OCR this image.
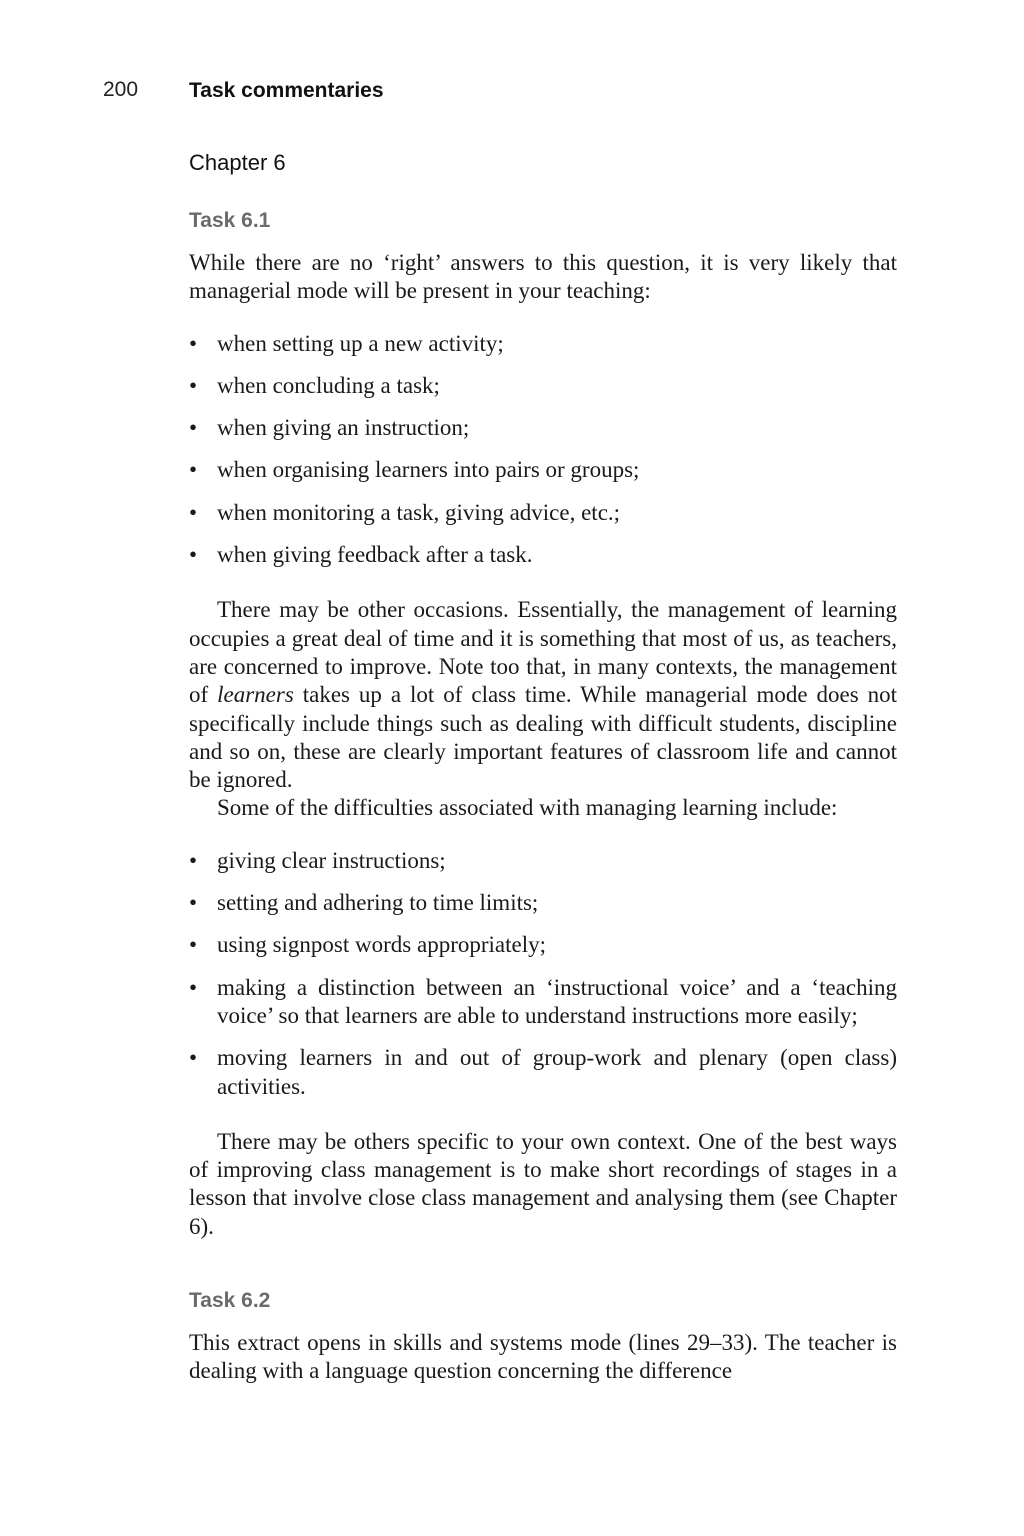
200 Task commentaries
Chapter 6
Task 6.1

While there are no ‘right’ answers to this question, it is very likely that managerial mode will be present in your teaching:

• when setting up a new activity;
• when concluding a task;
• when giving an instruction;
• when organising learners into pairs or groups;
• when monitoring a task, giving advice, etc.;
• when giving feedback after a task.

There may be other occasions. Essentially, the management of learning occupies a great deal of time and it is something that most of us, as teachers, are concerned to improve. Note too that, in many contexts, the management of learners takes up a lot of class time. While managerial mode does not specifically include things such as dealing with difficult students, discipline and so on, these are clearly important features of classroom life and cannot be ignored.

Some of the difficulties associated with managing learning include:

• giving clear instructions;
• setting and adhering to time limits;
• using signpost words appropriately;
• making a distinction between an ‘instructional voice’ and a ‘teaching voice’ so that learners are able to understand instructions more easily;
• moving learners in and out of group-work and plenary (open class) activities.

There may be others specific to your own context. One of the best ways of improving class management is to make short recordings of stages in a lesson that involve close class management and analysing them (see Chapter 6).

Task 6.2

This extract opens in skills and systems mode (lines 29–33). The teacher is dealing with a language question concerning the difference
